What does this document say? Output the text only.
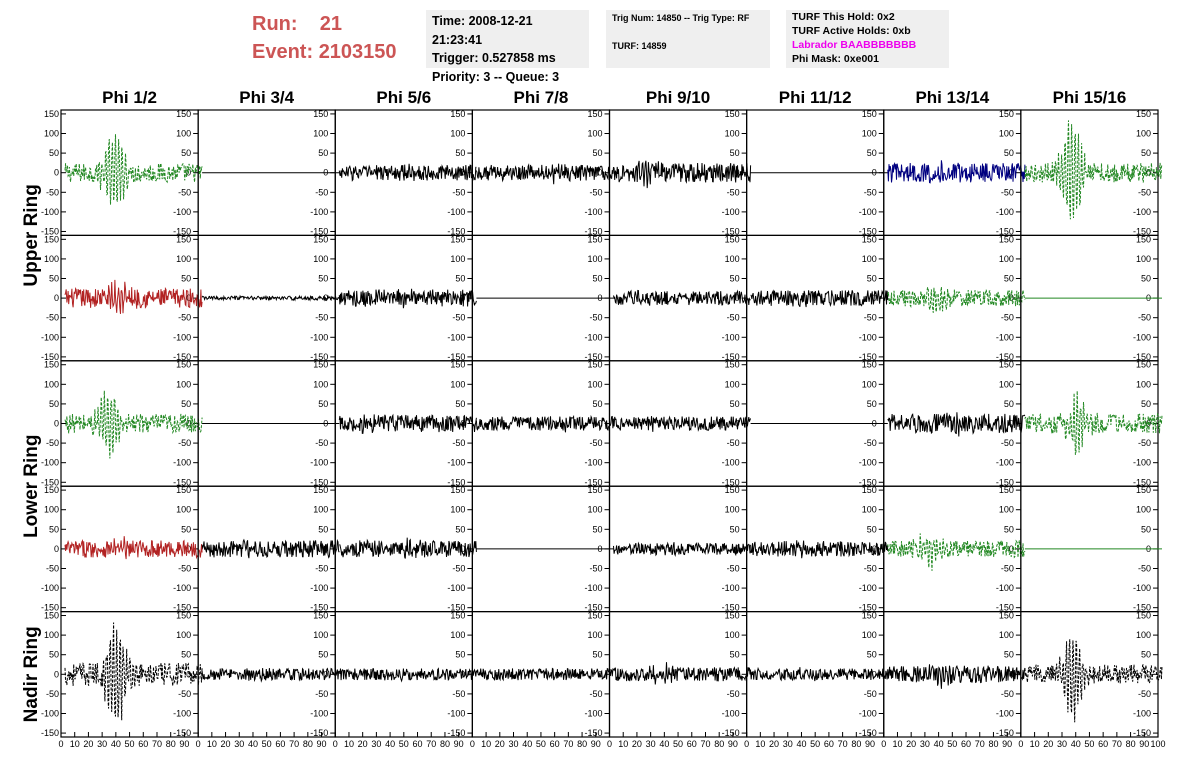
Run: 21
Event: 2103150
Time: 2008-12-21 21:23:41
Trigger: 0.527858 ms
Priority: 3 -- Queue: 3
Trig Num: 14850 -- Trig Type: RF
TURF: 14859
TURF This Hold: 0x2
TURF Active Holds: 0xb
Labrador BAABBBBBBB
Phi Mask: 0xe001
Phi 1/2	Phi 3/4	Phi 5/6	Phi 7/8	Phi 9/10	Phi 11/12	Phi 13/14	Phi 15/16
Upper Ring
Lower Ring
Nadir Ring
150	150
100	100
50	50
0	0
-50	-50
-100	-100
-150	-150
150
100
50
0
-50
-100
-150
150
100
50
0
-50
-100
-150
150
100
50
0
-50
-100
-150
150
100
50
0
-50
-100
-150
150
100
50
0
-50
-100
-150
150
100
50
0
-50
-100
-150
150
100
50
0
-50
-100
-150
150	150
100	100
50	50
0	0
-50	-50
-100	-100
-150	-150
150
100
50
0
-50
-100
-150
150
100
50
0
-50
-100
-150
150
100
50
0
-50
-100
-150
150
100
50
0
-50
-100
-150
150
100
50
0
-50
-100
-150
150
100
50
0
-50
-100
-150
150
100
50
0
-50
-100
-150
150	150
100	100
50	50
0	0
-50	-50
-100	-100
-150	-150
150
100
50
0
-50
-100
-150
150
100
50
0
-50
-100
-150
150
100
50
0
-50
-100
-150
150
100
50
0
-50
-100
-150
150
100
50
0
-50
-100
-150
150
100
50
0
-50
-100
-150
150
100
50
0
-50
-100
-150
150	150
100	100
50	50
0	0
-50	-50
-100	-100
-150	-150
150
100
50
0
-50
-100
-150
150
100
50
0
-50
-100
-150
150
100
50
0
-50
-100
-150
150
100
50
0
-50
-100
-150
150
100
50
0
-50
-100
-150
150
100
50
0
-50
-100
-150
150
100
50
0
-50
-100
-150
150	150
100	100
50	50
0	0
-50	-50
-100	-100
-150	-150
150
100
50
0
-50
-100
-150
150
100
50
0
-50
-100
-150
150
100
50
0
-50
-100
-150
150
100
50
0
-50
-100
-150
150
100
50
0
-50
-100
-150
150
100
50
0
-50
-100
-150
150
100
50
0
-50
-100
-150
0 10 20 30 40 50 60 70 80 90 0 10 20 30 40 50 60 70 80 90 0 10 20 30 40 50 60 70 80 90 0 10 20 30 40 50 60 70 80 90 0 10 20 30 40 50 60 70 80 90 0 10 20 30 40 50 60 70 80 90 0 10 20 30 40 50 60 70 80 90 0 10 20 30 40 50 60 70 80 90 100
